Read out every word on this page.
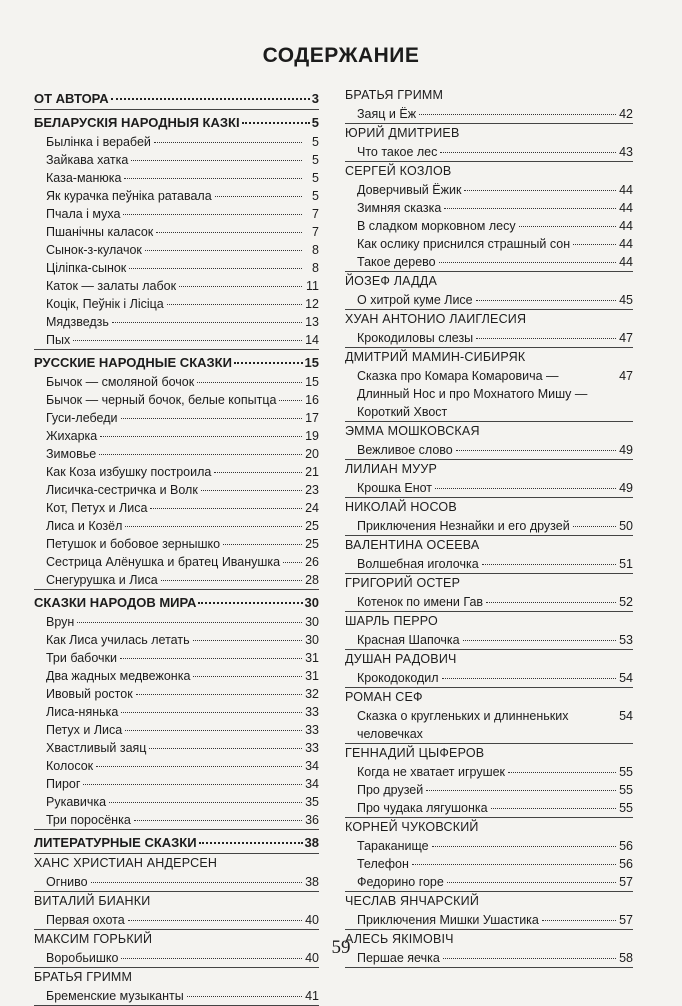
СОДЕРЖАНИЕ
ОТ АВТОРА	3
БЕЛАРУСКІЯ НАРОДНЫЯ КАЗКІ	5
Былінка і верабей	5
Зайкава хатка	5
Каза-манюка	5
Як курачка пеўніка ратавала	5
Пчала і муха	7
Пшанічны каласок	7
Сынок-з-кулачок	8
Ціліпка-сынок	8
Каток — залаты лабок	11
Коцік, Пеўнік і Лісіца	12
Мядзведзь	13
Пых	14
РУССКИЕ НАРОДНЫЕ СКАЗКИ	15
Бычок — смоляной бочок	15
Бычок — черный бочок, белые копытца 16
Гуси-лебеди	17
Жихарка	19
Зимовье	20
Как Коза избушку построила	21
Лисичка-сестричка и Волк	23
Кот, Петух и Лиса	24
Лиса и Козёл	25
Петушок и бобовое зернышко	25
Сестрица Алёнушка и братец Иванушка 26
Снегурушка и Лиса	28
СКАЗКИ НАРОДОВ МИРА	30
Врун	30
Как Лиса училась летать	30
Три бабочки	31
Два жадных медвежонка	31
Ивовый росток	32
Лиса-нянька	33
Петух и Лиса	33
Хвастливый заяц	33
Колосок	34
Пирог	34
Рукавичка	35
Три поросёнка	36
ЛИТЕРАТУРНЫЕ СКАЗКИ	38
ХАНС ХРИСТИАН АНДЕРСЕН
Огниво	38
ВИТАЛИЙ БИАНКИ
Первая охота	40
МАКСИМ ГОРЬКИЙ
Воробьишко	40
БРАТЬЯ ГРИММ
Бременские музыканты	41
БРАТЬЯ ГРИММ
Заяц и Ёж	42
ЮРИЙ ДМИТРИЕВ
Что такое лес	43
СЕРГЕЙ КОЗЛОВ
Доверчивый Ёжик	44
Зимняя сказка	44
В сладком морковном лесу	44
Как ослику приснился страшный сон	44
Такое дерево	44
ЙОЗЕФ ЛАДДА
О хитрой куме Лисе	45
ХУАН АНТОНИО ЛАИГЛЕСИЯ
Крокодиловы слезы	47
ДМИТРИЙ МАМИН-СИБИРЯК
Сказка про Комара Комаровича —
Длинный Нос и про Мохнатого Мишу —
Короткий Хвост
47
ЭММА МОШКОВСКАЯ
Вежливое слово	49
ЛИЛИАН МУУР
Крошка Енот	49
НИКОЛАЙ НОСОВ
Приключения Незнайки и его друзей	50
ВАЛЕНТИНА ОСЕЕВА
Волшебная иголочка	51
ГРИГОРИЙ ОСТЕР
Котенок по имени Гав	52
ШАРЛЬ ПЕРРО
Красная Шапочка	53
ДУШАН РАДОВИЧ
Крокодокодил	54
РОМАН СЕФ
Сказка о кругленьких и длинненьких
человечках
54
ГЕННАДИЙ ЦЫФЕРОВ
Когда не хватает игрушек	55
Про друзей	55
Про чудака лягушонка	55
КОРНЕЙ ЧУКОВСКИЙ
Тараканище	56
Телефон	56
Федорино горе	57
ЧЕСЛАВ ЯНЧАРСКИЙ
Приключения Мишки Ушастика	57
АЛЕСЬ ЯКІМОВІЧ
Першае яечка	58
59
